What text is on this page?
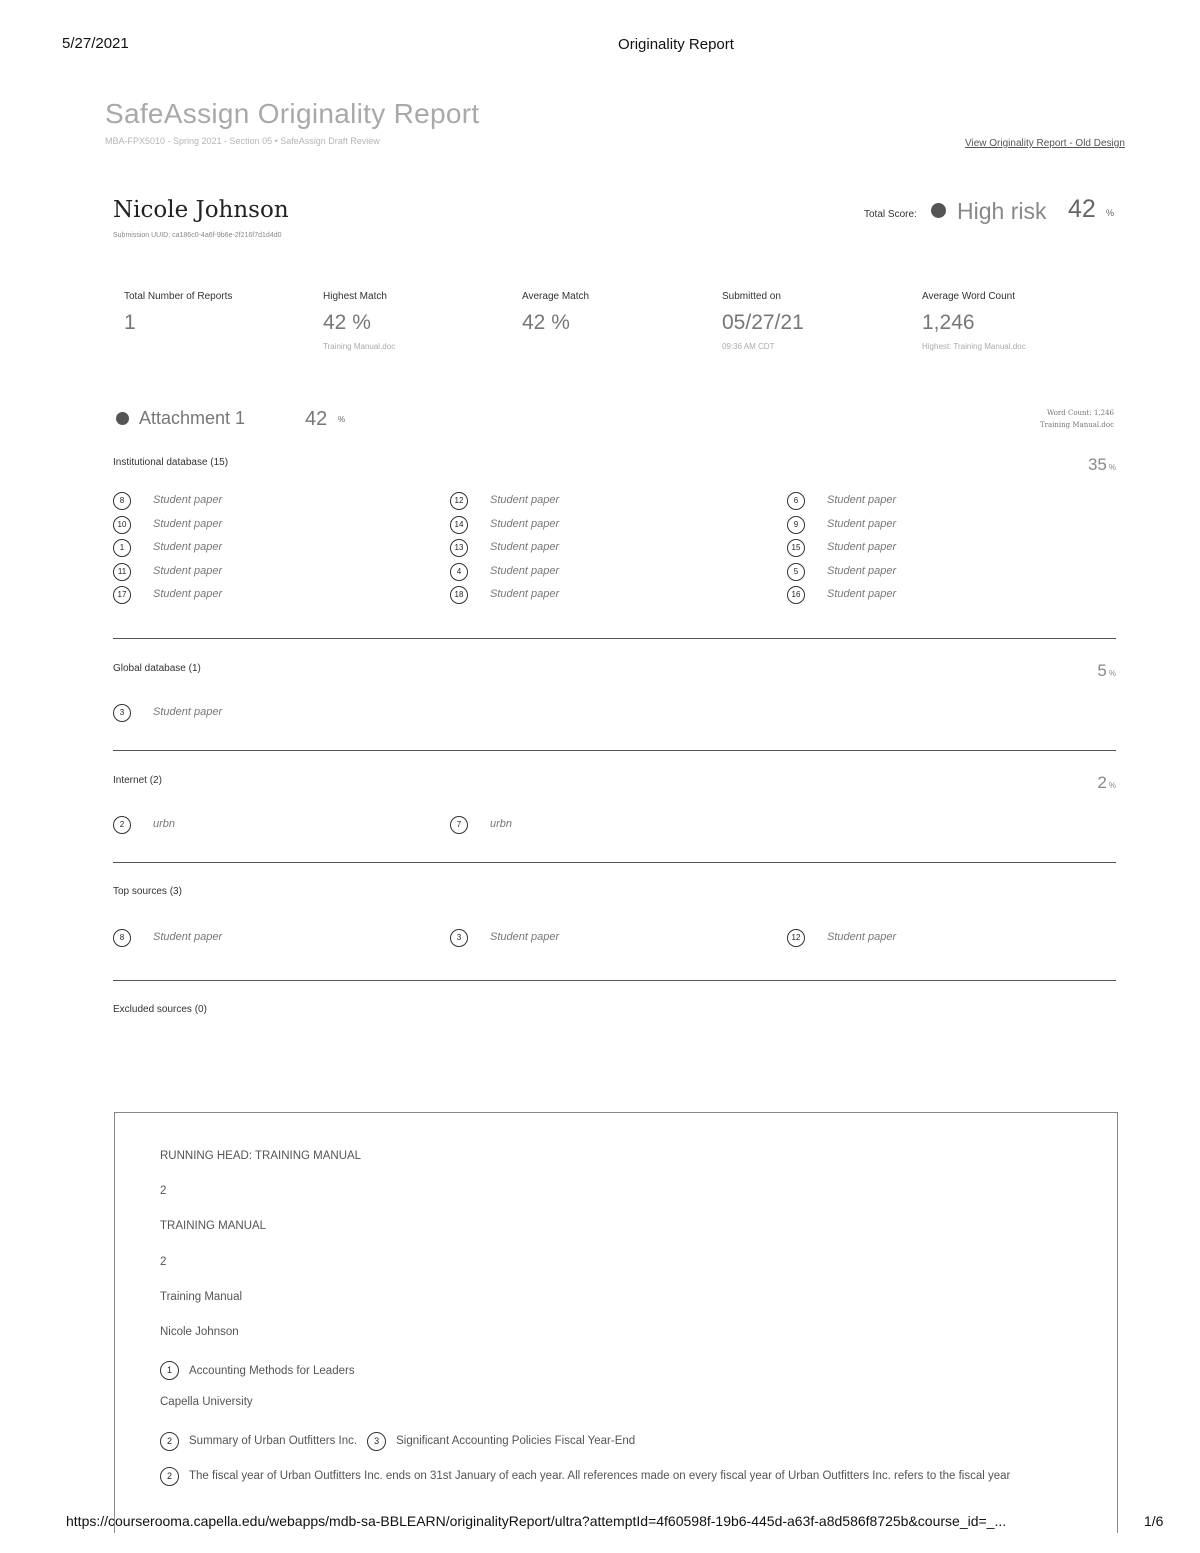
5/27/2021	Originality Report
https://courserooma.capella.edu/webapps/mdb-sa-BBLEARN/originalityReport/ultra?attemptId=4f60598f-19b6-445d-a63f-a8d586f8725b&course_id=_...	1/6
SafeAssign Originality Report
MBA-FPX5010 - Spring 2021 - Section 05 • SafeAssign Draft Review	View Originality Report - Old Design
Nicole Johnson
Submission UUID: ca186c0-4a6f-9b6e-2f216f7d1d4d0
Total Score: High risk 42 %
Total Number of Reports
1
Highest Match
42 %
Training Manual.doc
Average Match
42 %
Submitted on
05/27/21
09:36 AM CDT
Average Word Count
1,246
Highest: Training Manual.doc
Attachment 1	42 %
Word Count: 1,246
Training Manual.doc
Institutional database (15)	35 %
8	Student paper	12	Student paper	6	Student paper
10	Student paper	14	Student paper	9	Student paper
1	Student paper	13	Student paper	15	Student paper
11	Student paper	4	Student paper	5	Student paper
17	Student paper	18	Student paper	16	Student paper
Global database (1)	5 %
3	Student paper
Internet (2)	2 %
2	urbn	7	urbn
Top sources (3)
8	Student paper	3	Student paper	12	Student paper
Excluded sources (0)
RUNNING HEAD: TRAINING MANUAL
2
TRAINING MANUAL
2
Training Manual
Nicole Johnson
1	Accounting Methods for Leaders
Capella University
2	Summary of Urban Outfitters Inc.	3	Significant Accounting Policies Fiscal Year-End
2	The fiscal year of Urban Outfitters Inc. ends on 31st January of each year. All references made on every fiscal year of Urban Outfitters Inc. refers to the fiscal year
